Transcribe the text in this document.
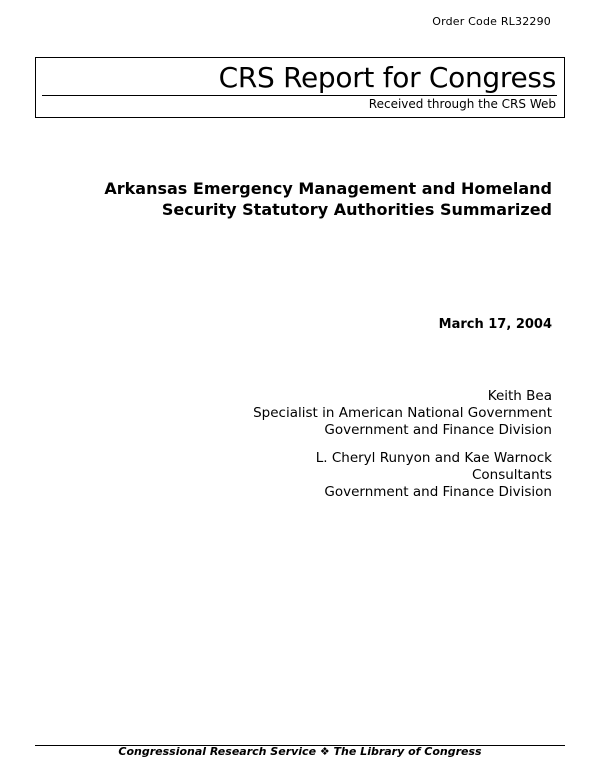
Order Code RL32290
CRS Report for Congress
Received through the CRS Web
Arkansas Emergency Management and Homeland
Security Statutory Authorities Summarized
March 17, 2004
Keith Bea
Specialist in American National Government
Government and Finance Division
L. Cheryl Runyon and Kae Warnock
Consultants
Government and Finance Division
Congressional Research Service ❖ The Library of Congress
